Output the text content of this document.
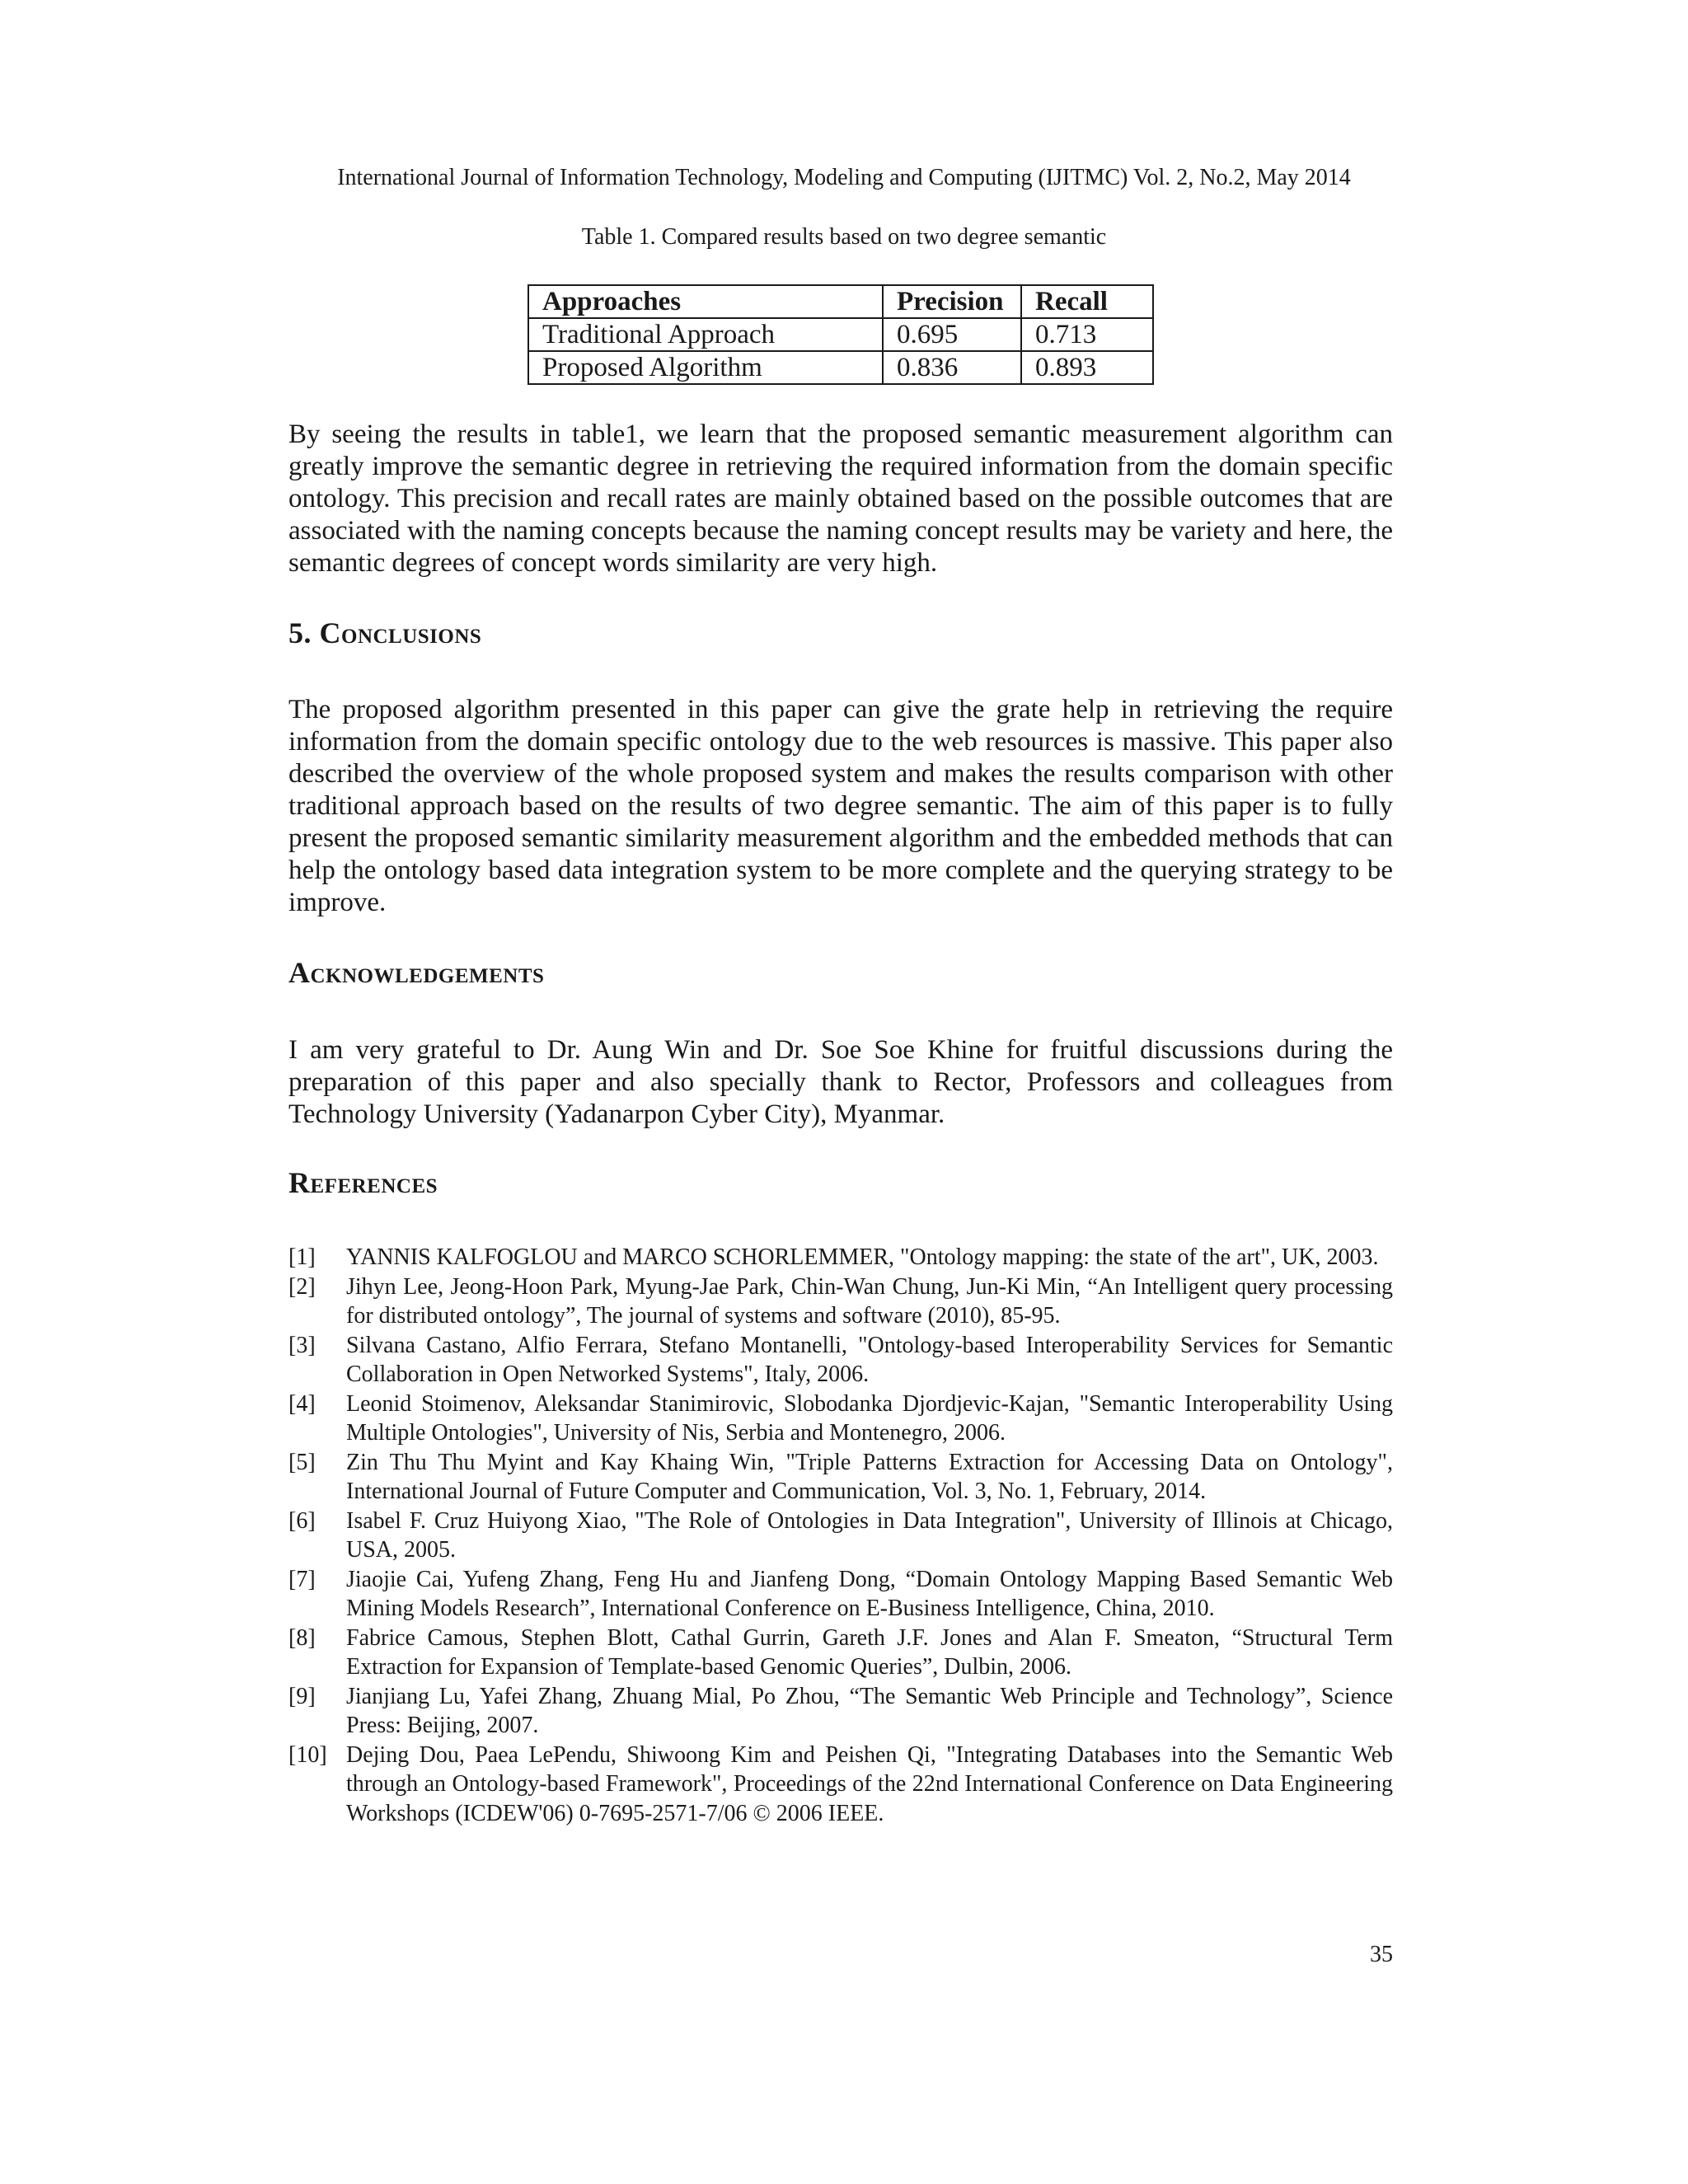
International Journal of Information Technology, Modeling and Computing (IJITMC) Vol. 2, No.2, May 2014
Table 1. Compared results based on two degree semantic
Approaches	Precision	Recall
Traditional Approach	0.695	0.713
Proposed Algorithm	0.836	0.893

By seeing the results in table1, we learn that the proposed semantic measurement algorithm can greatly improve the semantic degree in retrieving the required information from the domain specific ontology. This precision and recall rates are mainly obtained based on the possible outcomes that are associated with the naming concepts because the naming concept results may be variety and here, the semantic degrees of concept words similarity are very high.

5. Conclusions

The proposed algorithm presented in this paper can give the grate help in retrieving the require information from the domain specific ontology due to the web resources is massive. This paper also described the overview of the whole proposed system and makes the results comparison with other traditional approach based on the results of two degree semantic. The aim of this paper is to fully present the proposed semantic similarity measurement algorithm and the embedded methods that can help the ontology based data integration system to be more complete and the querying strategy to be improve.

Acknowledgements

I am very grateful to Dr. Aung Win and Dr. Soe Soe Khine for fruitful discussions during the preparation of this paper and also specially thank to Rector, Professors and colleagues from Technology University (Yadanarpon Cyber City), Myanmar.

References
[1]	YANNIS KALFOGLOU and MARCO SCHORLEMMER, "Ontology mapping: the state of the art", UK, 2003.
[2]	Jihyn Lee, Jeong-Hoon Park, Myung-Jae Park, Chin-Wan Chung, Jun-Ki Min, “An Intelligent query processing for distributed ontology”, The journal of systems and software (2010), 85-95.
[3]	Silvana Castano, Alfio Ferrara, Stefano Montanelli, "Ontology-based Interoperability Services for Semantic Collaboration in Open Networked Systems", Italy, 2006.
[4]	Leonid Stoimenov, Aleksandar Stanimirovic, Slobodanka Djordjevic-Kajan, "Semantic Interoperability Using Multiple Ontologies", University of Nis, Serbia and Montenegro, 2006.
[5]	Zin Thu Thu Myint and Kay Khaing Win, "Triple Patterns Extraction for Accessing Data on Ontology", International Journal of Future Computer and Communication, Vol. 3, No. 1, February, 2014.
[6]	Isabel F. Cruz Huiyong Xiao, "The Role of Ontologies in Data Integration", University of Illinois at Chicago, USA, 2005.
[7]	Jiaojie Cai, Yufeng Zhang, Feng Hu and Jianfeng Dong, “Domain Ontology Mapping Based Semantic Web Mining Models Research”, International Conference on E-Business Intelligence, China, 2010.
[8]	Fabrice Camous, Stephen Blott, Cathal Gurrin, Gareth J.F. Jones and Alan F. Smeaton, “Structural Term Extraction for Expansion of Template-based Genomic Queries”, Dulbin, 2006.
[9]	Jianjiang Lu, Yafei Zhang, Zhuang Mial, Po Zhou, “The Semantic Web Principle and Technology”, Science Press: Beijing, 2007.
[10] Dejing Dou, Paea LePendu, Shiwoong Kim and Peishen Qi, "Integrating Databases into the Semantic Web through an Ontology-based Framework", Proceedings of the 22nd International Conference on Data Engineering Workshops (ICDEW'06) 0-7695-2571-7/06 © 2006 IEEE.
35
